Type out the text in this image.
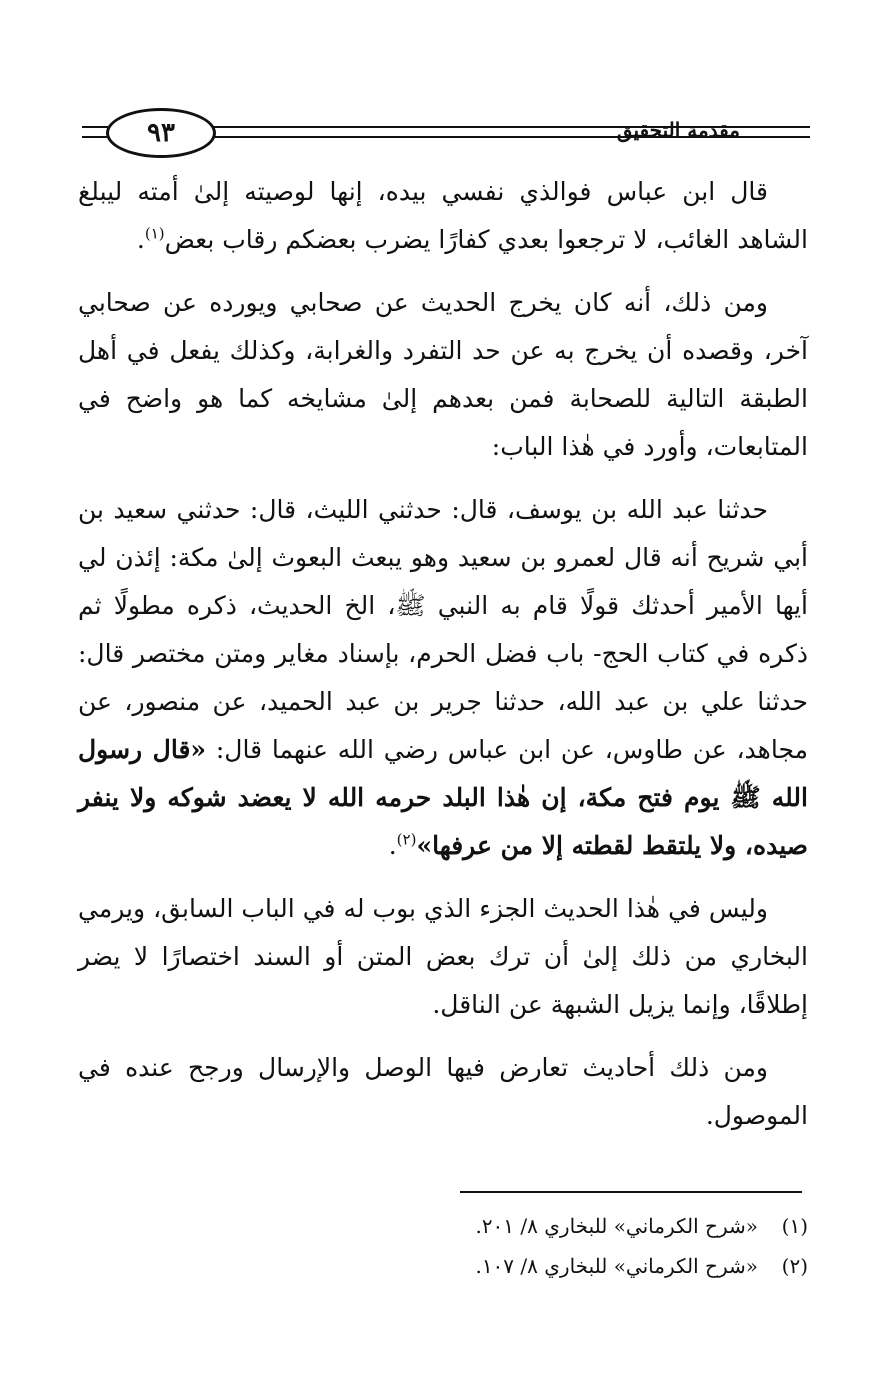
مقدمة التحقيق
٩٣

قال ابن عباس فوالذي نفسي بيده، إنها لوصيته إلىٰ أمته ليبلغ الشاهد الغائب، لا ترجعوا بعدي كفارًا يضرب بعضكم رقاب بعض$^{(١)}$.

ومن ذلك، أنه كان يخرج الحديث عن صحابي ويورده عن صحابي آخر، وقصده أن يخرج به عن حد التفرد والغرابة، وكذلك يفعل في أهل الطبقة التالية للصحابة فمن بعدهم إلىٰ مشايخه كما هو واضح في المتابعات، وأورد في هٰذا الباب:

حدثنا عبد الله بن يوسف، قال: حدثني الليث، قال: حدثني سعيد بن أبي شريح أنه قال لعمرو بن سعيد وهو يبعث البعوث إلىٰ مكة: إئذن لي أيها الأمير أحدثك قولًا قام به النبي ﷺ، الخ الحديث، ذكره مطولًا ثم ذكره في كتاب الحج- باب فضل الحرم، بإسناد مغاير ومتن مختصر قال: حدثنا علي بن عبد الله، حدثنا جرير بن عبد الحميد، عن منصور، عن مجاهد، عن طاوس، عن ابن عباس رضي الله عنهما قال: «قال رسول الله ﷺ يوم فتح مكة، إن هٰذا البلد حرمه الله لا يعضد شوكه ولا ينفر صيده، ولا يلتقط لقطته إلا من عرفها»$^{(٢)}$.

وليس في هٰذا الحديث الجزء الذي بوب له في الباب السابق، ويرمي البخاري من ذلك إلىٰ أن ترك بعض المتن أو السند اختصارًا لا يضر إطلاقًا، وإنما يزيل الشبهة عن الناقل.

ومن ذلك أحاديث تعارض فيها الوصل والإرسال ورجح عنده في الموصول.

(١)
«شرح الكرماني» للبخاري ٨/ ٢٠١.
(٢)
«شرح الكرماني» للبخاري ٨/ ١٠٧.
